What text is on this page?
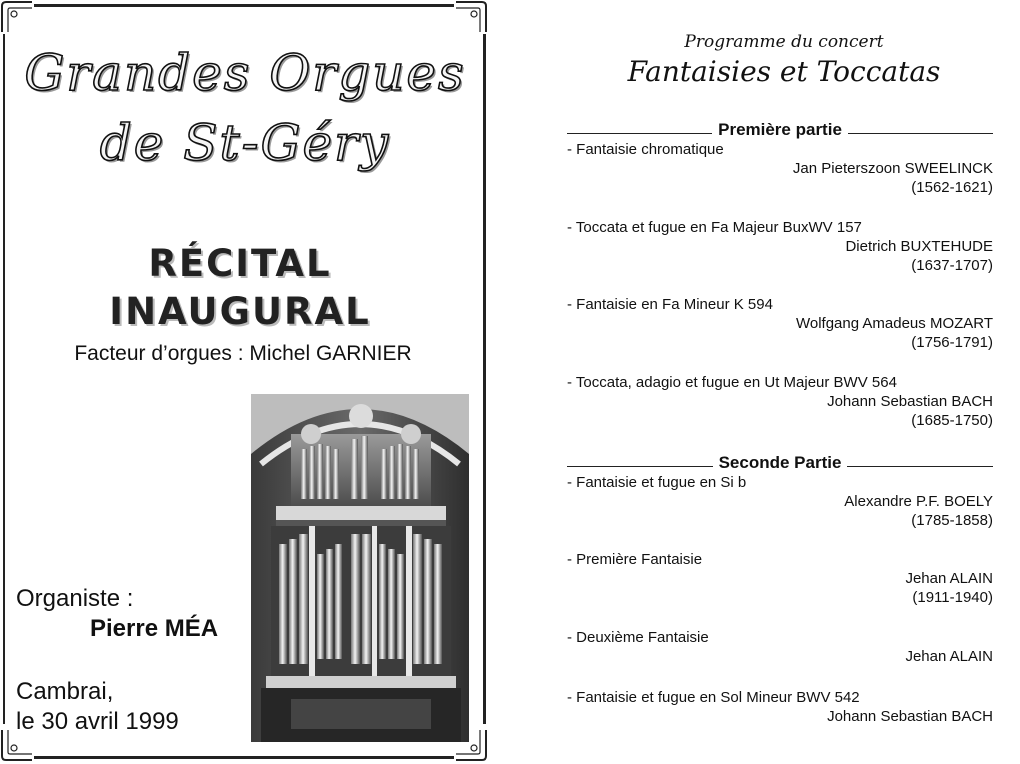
Grandes Orgues
de St-Géry
RÉCITAL
INAUGURAL
Facteur d’orgues : Michel GARNIER
Organiste :
Pierre MÉA
Cambrai,
le 30 avril 1999
Programme du concert
Fantaisies et Toccatas
Première partie
- Fantaisie chromatique
Jan Pieterszoon SWEELINCK
(1562-1621)
- Toccata et fugue en Fa Majeur BuxWV 157
Dietrich BUXTEHUDE
(1637-1707)
- Fantaisie en Fa Mineur K 594
Wolfgang Amadeus MOZART
(1756-1791)
- Toccata, adagio et fugue en Ut Majeur BWV 564
Johann Sebastian BACH
(1685-1750)
Seconde Partie
- Fantaisie et fugue en Si b
Alexandre P.F. BOELY
(1785-1858)
- Première Fantaisie
Jehan ALAIN
(1911-1940)
- Deuxième Fantaisie
Jehan ALAIN
- Fantaisie et fugue en Sol Mineur BWV 542
Johann Sebastian BACH
